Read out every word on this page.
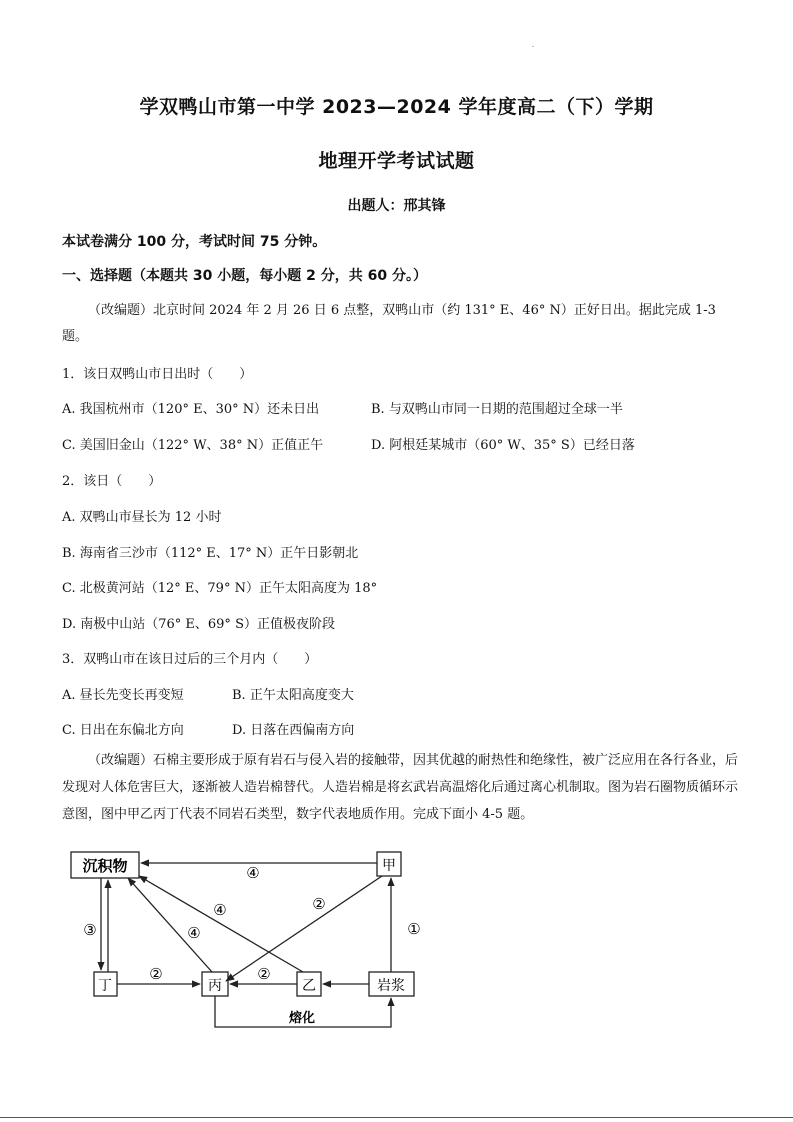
·
学双鸭山市第一中学 2023—2024 学年度高二（下）学期
地理开学考试试题
出题人：邢其锋
本试卷满分 100 分，考试时间 75 分钟。
一、选择题（本题共 30 小题，每小题 2 分，共 60 分。）
（改编题）北京时间 2024 年 2 月 26 日 6 点整，双鸭山市（约 131° E、46° N）正好日出。据此完成 1-3 题。
1．该日双鸭山市日出时（　　）
A. 我国杭州市（120° E、30° N）还未日出	B. 与双鸭山市同一日期的范围超过全球一半
C. 美国旧金山（122° W、38° N）正值正午	D. 阿根廷某城市（60° W、35° S）已经日落
2．该日（　　）
A. 双鸭山市昼长为 12 小时
B. 海南省三沙市（112° E、17° N）正午日影朝北
C. 北极黄河站（12° E、79° N）正午太阳高度为 18°
D. 南极中山站（76° E、69° S）正值极夜阶段
3．双鸭山市在该日过后的三个月内（　　）
A. 昼长先变长再变短	B. 正午太阳高度变大
C. 日出在东偏北方向	D. 日落在西偏南方向
（改编题）石棉主要形成于原有岩石与侵入岩的接触带，因其优越的耐热性和绝缘性，被广泛应用在各行各业，后发现对人体危害巨大，逐渐被人造岩棉替代。人造岩棉是将玄武岩高温熔化后通过离心机制取。图为岩石圈物质循环示意图，图中甲乙丙丁代表不同岩石类型，数字代表地质作用。完成下面小 4-5 题。
沉积物	甲
丁	丙	乙	岩浆
④
③	①
②
④
④
②	②
熔化
